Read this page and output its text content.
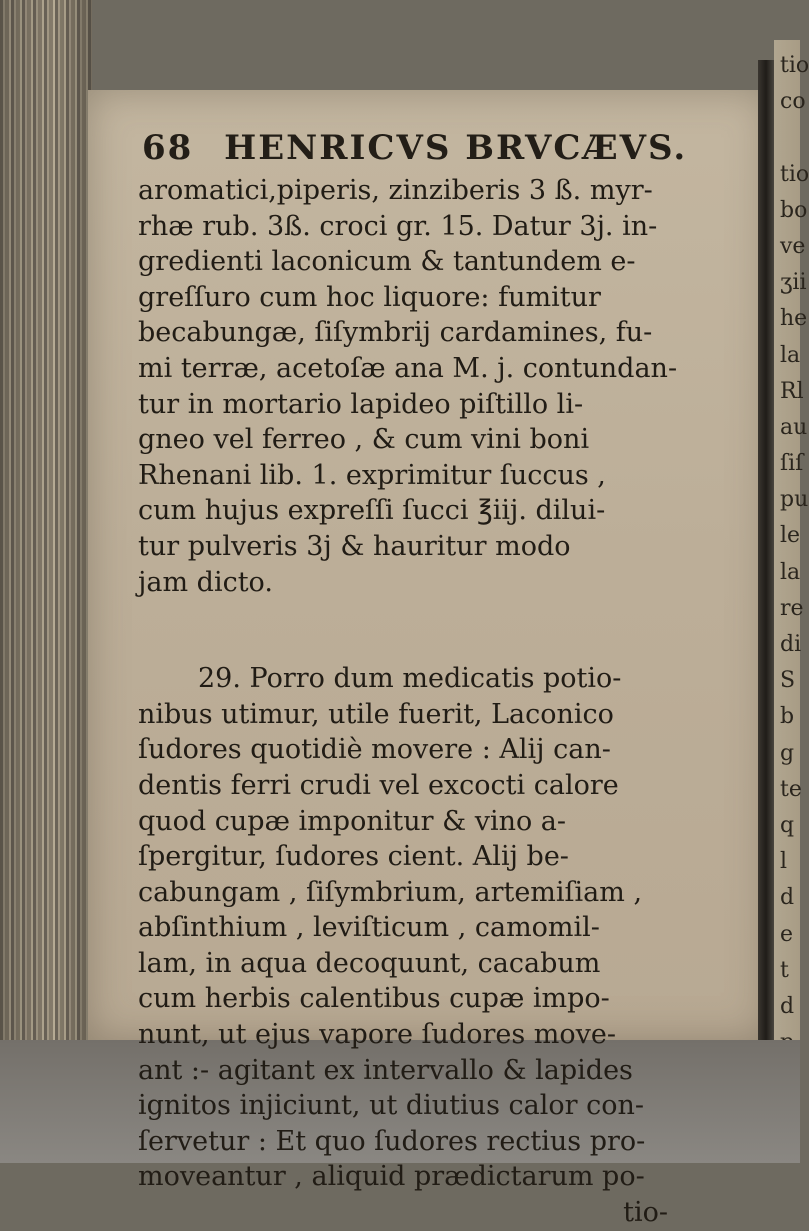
tio
co
tio
bo
ve
ʒii
he
la
Rl
au
ſiſ
pu
le
la
re
di
S
b
g
te
q
l
d
e
t
d
68 HENRICVS BRVCÆVS.
aromatici,piperis, zinziberis 3 ß. myr-
rhæ rub. 3ß. croci gr. 15. Datur 3j. in-
gredienti laconicum & tantundem e-
greſſuro cum hoc liquore: fumitur
becabungæ, ſiſymbrij cardamines, fu-
mi terræ, acetoſæ ana M. j. contundan-
tur in mortario lapideo piſtillo li-
gneo vel ferreo , & cum vini boni
Rhenani lib. 1. exprimitur ſuccus ,
cum hujus expreſſi ſucci ℥iij. dilui-
tur pulveris 3j & hauritur modo
jam dicto.
29. Porro dum medicatis potio-
nibus utimur, utile fuerit, Laconico
ſudores quotidiè movere : Alij can-
dentis ferri crudi vel excocti calore
quod cupæ imponitur & vino a-
ſpergitur, ſudores cient. Alij be-
cabungam , ſiſymbrium, artemiſiam ,
abſinthium , leviſticum , camomil-
lam, in aqua decoquunt, cacabum
cum herbis calentibus cupæ impo-
nunt, ut ejus vapore ſudores move-
ant :- agitant ex intervallo & lapides
ignitos injiciunt, ut diutius calor con-
ſervetur : Et quo ſudores rectius pro-
moveantur , aliquid prædictarum po-
tio-
